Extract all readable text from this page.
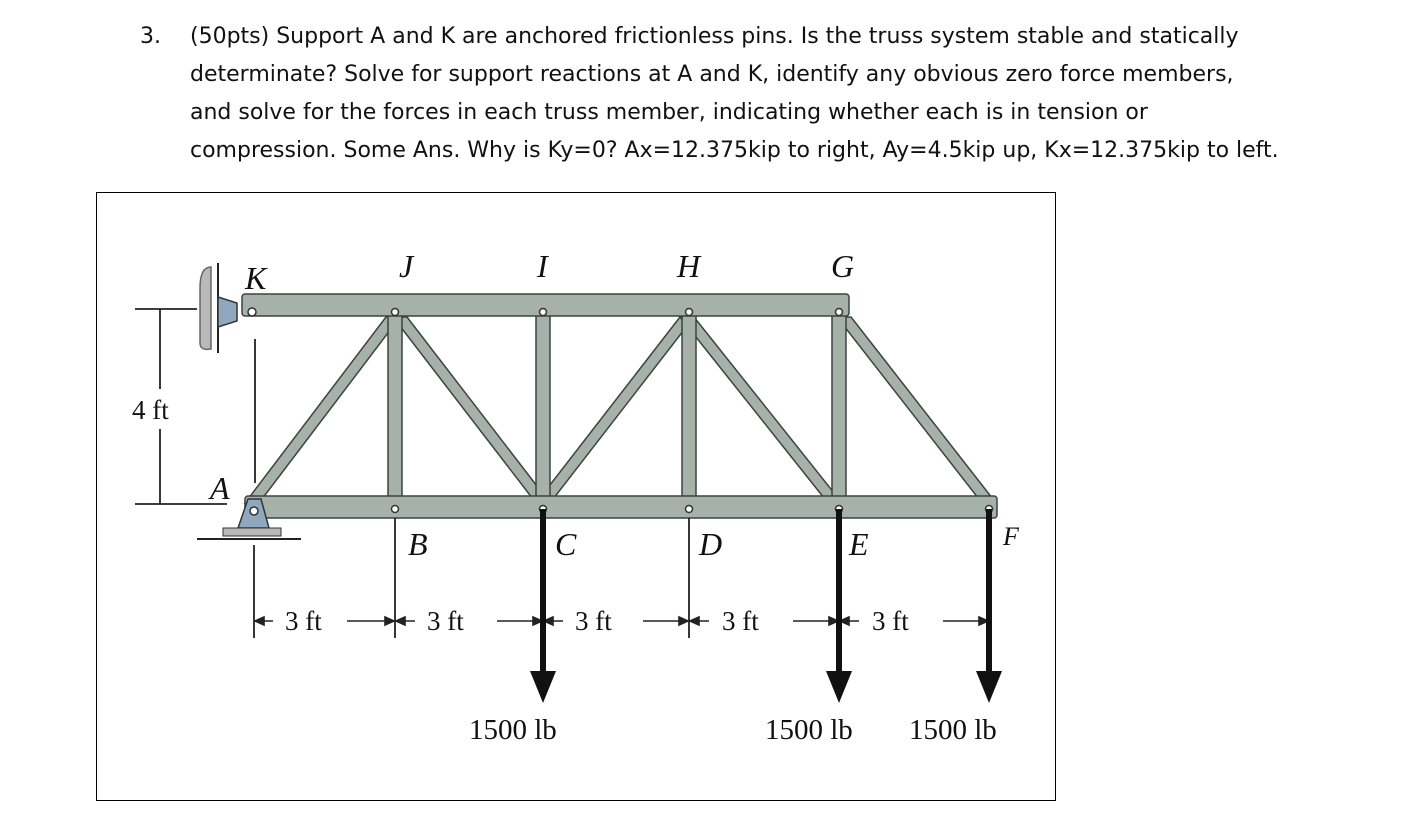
3. (50pts) Support A and K are anchored frictionless pins. Is the truss system stable and statically
determinate? Solve for support reactions at A and K, identify any obvious zero force members,
and solve for the forces in each truss member, indicating whether each is in tension or
compression. Some Ans. Why is Ky=0? Ax=12.375kip to right, Ay=4.5kip up, Kx=12.375kip to left.
4 ft
K	J	I	H	G
A
B	C	D	E	F
3 ft	3 ft	3 ft	3 ft	3 ft
1500 lb	1500 lb 1500 lb
